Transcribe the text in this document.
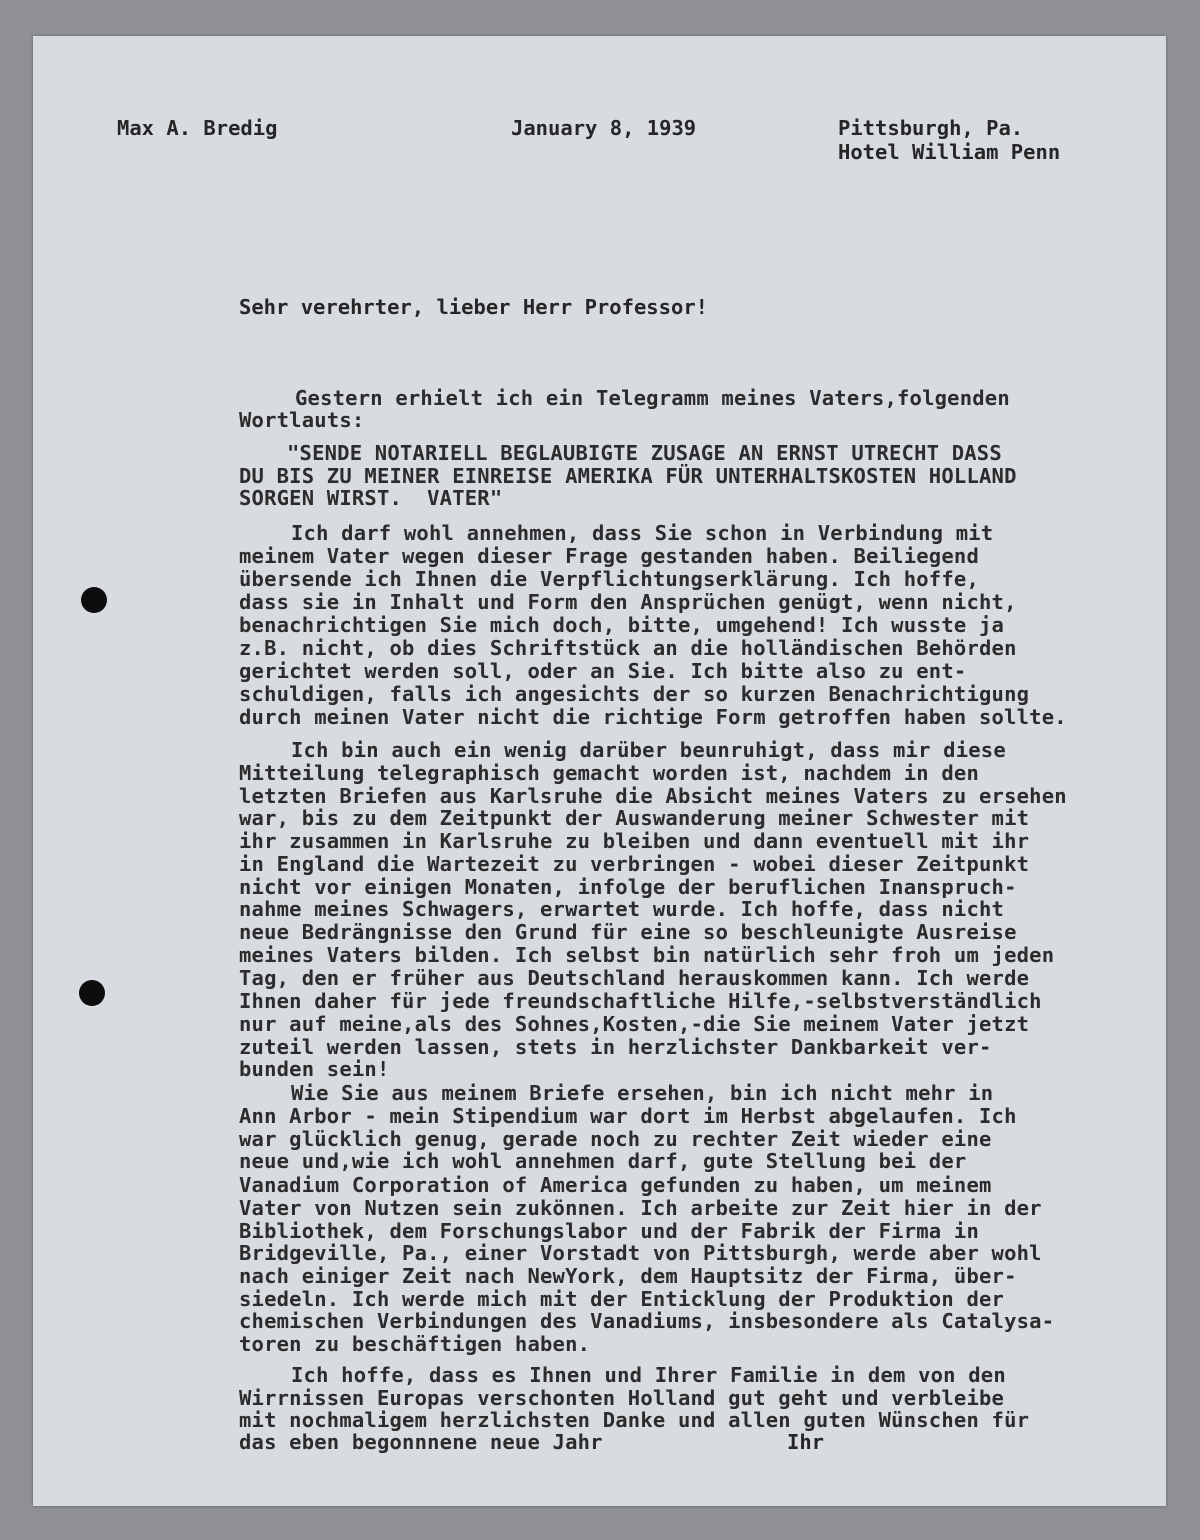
Max A. Bredig	January 8, 1939	Pittsburgh, Pa.
Hotel William Penn
Sehr verehrter, lieber Herr Professor!
Gestern erhielt ich ein Telegramm meines Vaters,folgenden
Wortlauts:
"SENDE NOTARIELL BEGLAUBIGTE ZUSAGE AN ERNST UTRECHT DASS
DU BIS ZU MEINER EINREISE AMERIKA FÜR UNTERHALTSKOSTEN HOLLAND
SORGEN WIRST.  VATER"
Ich darf wohl annehmen, dass Sie schon in Verbindung mit
meinem Vater wegen dieser Frage gestanden haben. Beiliegend
übersende ich Ihnen die Verpflichtungserklärung. Ich hoffe,
dass sie in Inhalt und Form den Ansprüchen genügt, wenn nicht,
benachrichtigen Sie mich doch, bitte, umgehend! Ich wusste ja
z.B. nicht, ob dies Schriftstück an die holländischen Behörden
gerichtet werden soll, oder an Sie. Ich bitte also zu ent-
schuldigen, falls ich angesichts der so kurzen Benachrichtigung
durch meinen Vater nicht die richtige Form getroffen haben sollte.
Ich bin auch ein wenig darüber beunruhigt, dass mir diese
Mitteilung telegraphisch gemacht worden ist, nachdem in den
letzten Briefen aus Karlsruhe die Absicht meines Vaters zu ersehen
war, bis zu dem Zeitpunkt der Auswanderung meiner Schwester mit
ihr zusammen in Karlsruhe zu bleiben und dann eventuell mit ihr
in England die Wartezeit zu verbringen - wobei dieser Zeitpunkt
nicht vor einigen Monaten, infolge der beruflichen Inanspruch-
nahme meines Schwagers, erwartet wurde. Ich hoffe, dass nicht
neue Bedrängnisse den Grund für eine so beschleunigte Ausreise
meines Vaters bilden. Ich selbst bin natürlich sehr froh um jeden
Tag, den er früher aus Deutschland herauskommen kann. Ich werde
Ihnen daher für jede freundschaftliche Hilfe,-selbstverständlich
nur auf meine,als des Sohnes,Kosten,-die Sie meinem Vater jetzt
zuteil werden lassen, stets in herzlichster Dankbarkeit ver-
bunden sein!
Wie Sie aus meinem Briefe ersehen, bin ich nicht mehr in
Ann Arbor - mein Stipendium war dort im Herbst abgelaufen. Ich
war glücklich genug, gerade noch zu rechter Zeit wieder eine
neue und,wie ich wohl annehmen darf, gute Stellung bei der
Vanadium Corporation of America gefunden zu haben, um meinem
Vater von Nutzen sein zukönnen. Ich arbeite zur Zeit hier in der
Bibliothek, dem Forschungslabor und der Fabrik der Firma in
Bridgeville, Pa., einer Vorstadt von Pittsburgh, werde aber wohl
nach einiger Zeit nach NewYork, dem Hauptsitz der Firma, über-
siedeln. Ich werde mich mit der Enticklung der Produktion der
chemischen Verbindungen des Vanadiums, insbesondere als Catalysa-
toren zu beschäftigen haben.
Ich hoffe, dass es Ihnen und Ihrer Familie in dem von den
Wirrnissen Europas verschonten Holland gut geht und verbleibe
mit nochmaligem herzlichsten Danke und allen guten Wünschen für
das eben begonnnene neue Jahr	Ihr
